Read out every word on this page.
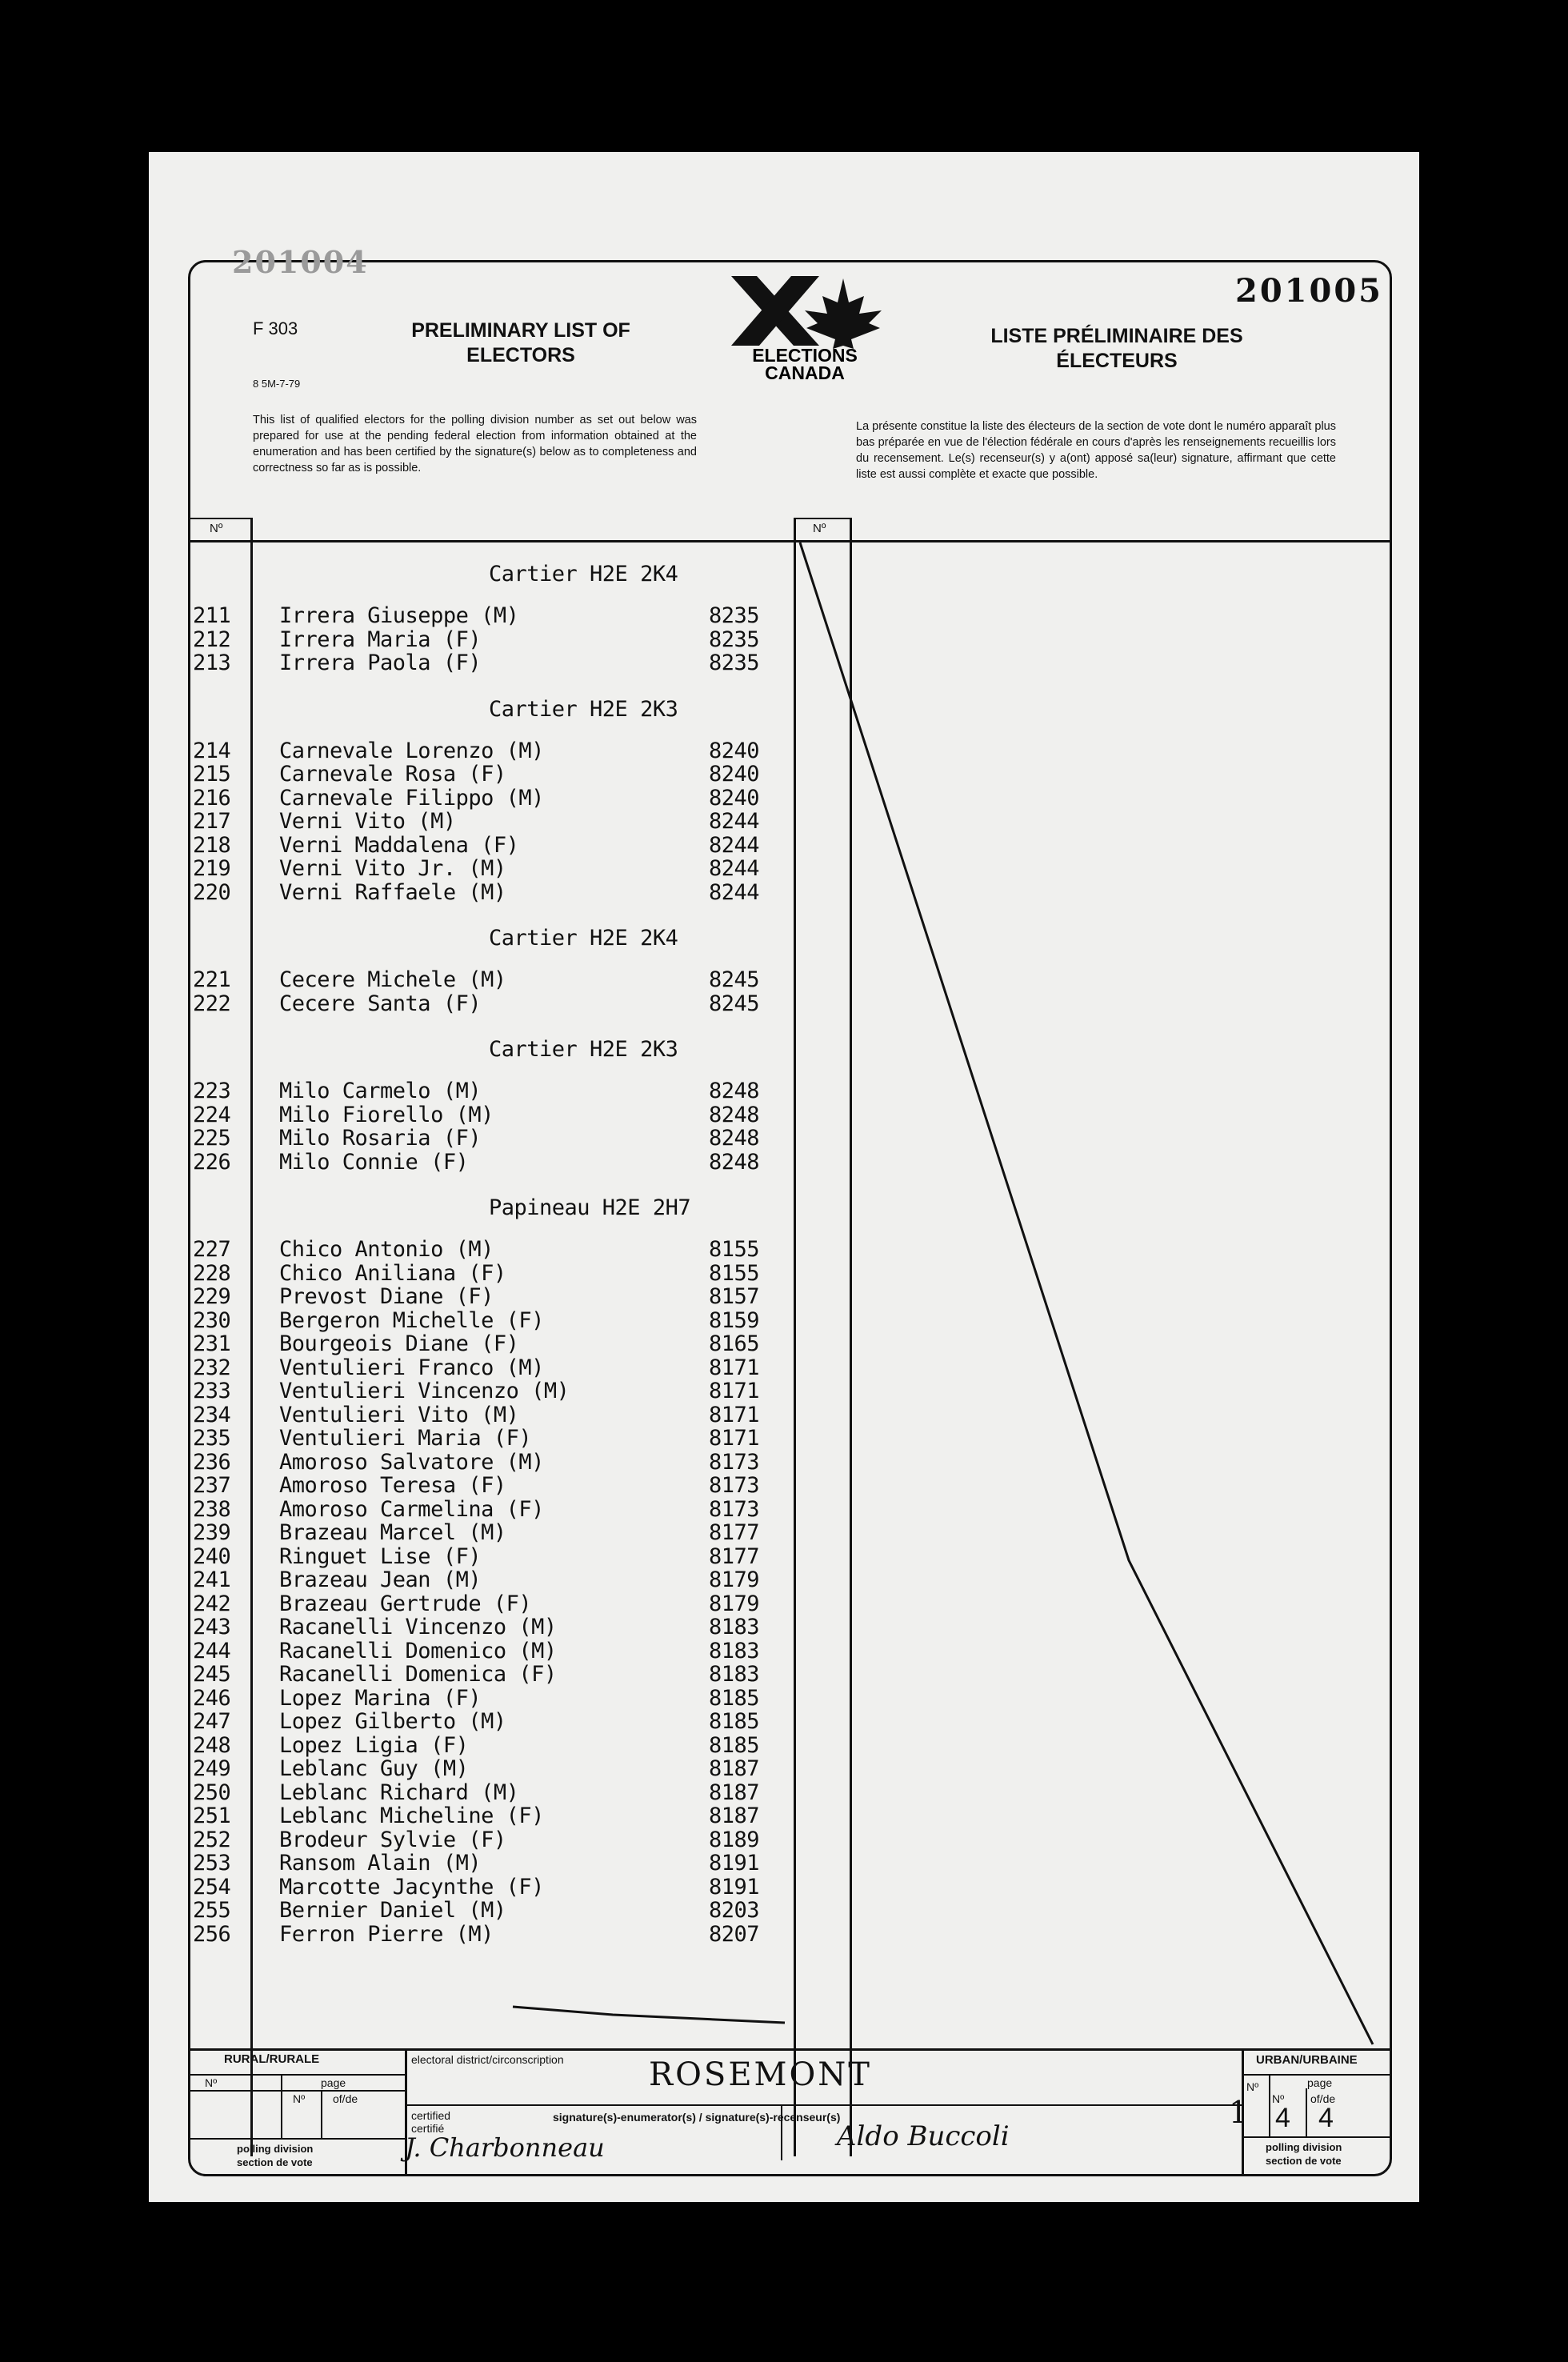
201004
201005
F 303
8 5M-7-79
PRELIMINARY LIST OF ELECTORS
LISTE PRÉLIMINAIRE DES ÉLECTEURS
ELECTIONS
CANADA
This list of qualified electors for the polling division number as set out below was prepared for use at the pending federal election from information obtained at the enumeration and has been certified by the signature(s) below as to completeness and correctness so far as is possible.
La présente constitue la liste des électeurs de la section de vote dont le numéro apparaît plus bas préparée en vue de l'élection fédérale en cours d'après les renseignements recueillis lors du recensement. Le(s) recenseur(s) y a(ont) apposé sa(leur) signature, affirmant que cette liste est aussi complète et exacte que possible.
Nº	Nº
Cartier H2E 2K4
211	Irrera Giuseppe (M)	8235
212	Irrera Maria (F)	8235
213	Irrera Paola (F)	8235
Cartier H2E 2K3
214	Carnevale Lorenzo (M)	8240
215	Carnevale Rosa (F)	8240
216	Carnevale Filippo (M)	8240
217	Verni Vito (M)	8244
218	Verni Maddalena (F)	8244
219	Verni Vito Jr. (M)	8244
220	Verni Raffaele (M)	8244
Cartier H2E 2K4
221	Cecere Michele (M)	8245
222	Cecere Santa (F)	8245
Cartier H2E 2K3
223	Milo Carmelo (M)	8248
224	Milo Fiorello (M)	8248
225	Milo Rosaria (F)	8248
226	Milo Connie (F)	8248
Papineau H2E 2H7
227	Chico Antonio (M)	8155
228	Chico Aniliana (F)	8155
229	Prevost Diane (F)	8157
230	Bergeron Michelle (F)	8159
231	Bourgeois Diane (F)	8165
232	Ventulieri Franco (M)	8171
233	Ventulieri Vincenzo (M)	8171
234	Ventulieri Vito (M)	8171
235	Ventulieri Maria (F)	8171
236	Amoroso Salvatore (M)	8173
237	Amoroso Teresa (F)	8173
238	Amoroso Carmelina (F)	8173
239	Brazeau Marcel (M)	8177
240	Ringuet Lise (F)	8177
241	Brazeau Jean (M)	8179
242	Brazeau Gertrude (F)	8179
243	Racanelli Vincenzo (M)	8183
244	Racanelli Domenico (M)	8183
245	Racanelli Domenica (F)	8183
246	Lopez Marina (F)	8185
247	Lopez Gilberto (M)	8185
248	Lopez Ligia (F)	8185
249	Leblanc Guy (M)	8187
250	Leblanc Richard (M)	8187
251	Leblanc Micheline (F)	8187
252	Brodeur Sylvie (F)	8189
253	Ransom Alain (M)	8191
254	Marcotte Jacynthe (F)	8191
255	Bernier Daniel (M)	8203
256	Ferron Pierre (M)	8207
RURAL/RURALE
Nº	page
Nº of/de
polling division
section de vote
electoral district/circonscription	ROSEMONT
certified
certifié
signature(s)-enumerator(s) / signature(s)-recenseur(s)
J. Charbonneau	Aldo Buccoli
URBAN/URBAINE
Nº	page
Nº of/de
1 4 4
polling division
section de vote
